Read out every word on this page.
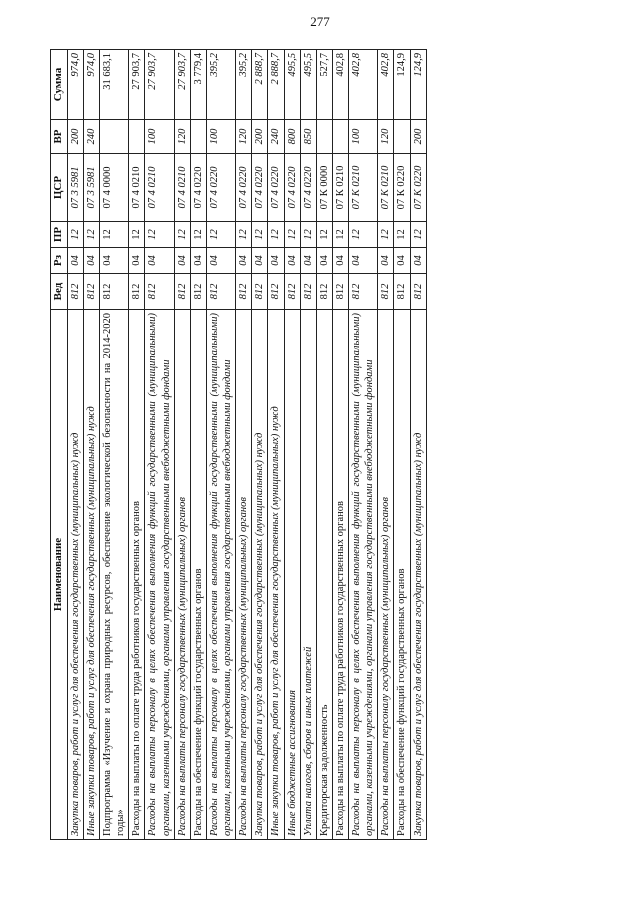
277
Наименование	Вед	Рз	ПР	ЦСР	ВР	Сумма
Закупка товаров, работ и услуг для обеспечения государственных (муниципальных) нужд	812	04	12	07 3 5981	200	974,0
Иные закупки товаров, работ и услуг для обеспечения государственных (муниципальных) нужд	812	04	12	07 3 5981	240	974,0
Подпрограмма «Изучение и охрана природных ресурсов, обеспечение экологической безопасности на 2014-2020 годы»	812	04	12	07 4 0000		31 683,1
Расходы на выплаты по оплате труда работников государственных органов	812	04	12	07 4 0210		27 903,7
Расходы на выплаты персоналу в целях обеспечения выполнения функций государственными (муниципальными) органами, казенными учреждениями, органами управления государственными внебюджетными фондами	812	04	12	07 4 0210	100	27 903,7
Расходы на выплаты персоналу государственных (муниципальных) органов	812	04	12	07 4 0210	120	27 903,7
Расходы на обеспечение функций государственных органов	812	04	12	07 4 0220		3 779,4
Расходы на выплаты персоналу в целях обеспечения выполнения функций государственными (муниципальными) органами, казенными учреждениями, органами управления государственными внебюджетными фондами	812	04	12	07 4 0220	100	395,2
Расходы на выплаты персоналу государственных (муниципальных) органов	812	04	12	07 4 0220	120	395,2
Закупка товаров, работ и услуг для обеспечения государственных (муниципальных) нужд	812	04	12	07 4 0220	200	2 888,7
Иные закупки товаров, работ и услуг для обеспечения государственных (муниципальных) нужд	812	04	12	07 4 0220	240	2 888,7
Иные бюджетные ассигнования	812	04	12	07 4 0220	800	495,5
Уплата налогов, сборов и иных платежей	812	04	12	07 4 0220	850	495,5
Кредиторская задолженность	812	04	12	07 К 0000		527,7
Расходы на выплаты по оплате труда работников государственных органов	812	04	12	07 К 0210		402,8
Расходы на выплаты персоналу в целях обеспечения выполнения функций государственными (муниципальными) органами, казенными учреждениями, органами управления государственными внебюджетными фондами	812	04	12	07 К 0210	100	402,8
Расходы на выплаты персоналу государственных (муниципальных) органов	812	04	12	07 К 0210	120	402,8
Расходы на обеспечение функций государственных органов	812	04	12	07 К 0220		124,9
Закупка товаров, работ и услуг для обеспечения государственных (муниципальных) нужд	812	04	12	07 К 0220	200	124,9
